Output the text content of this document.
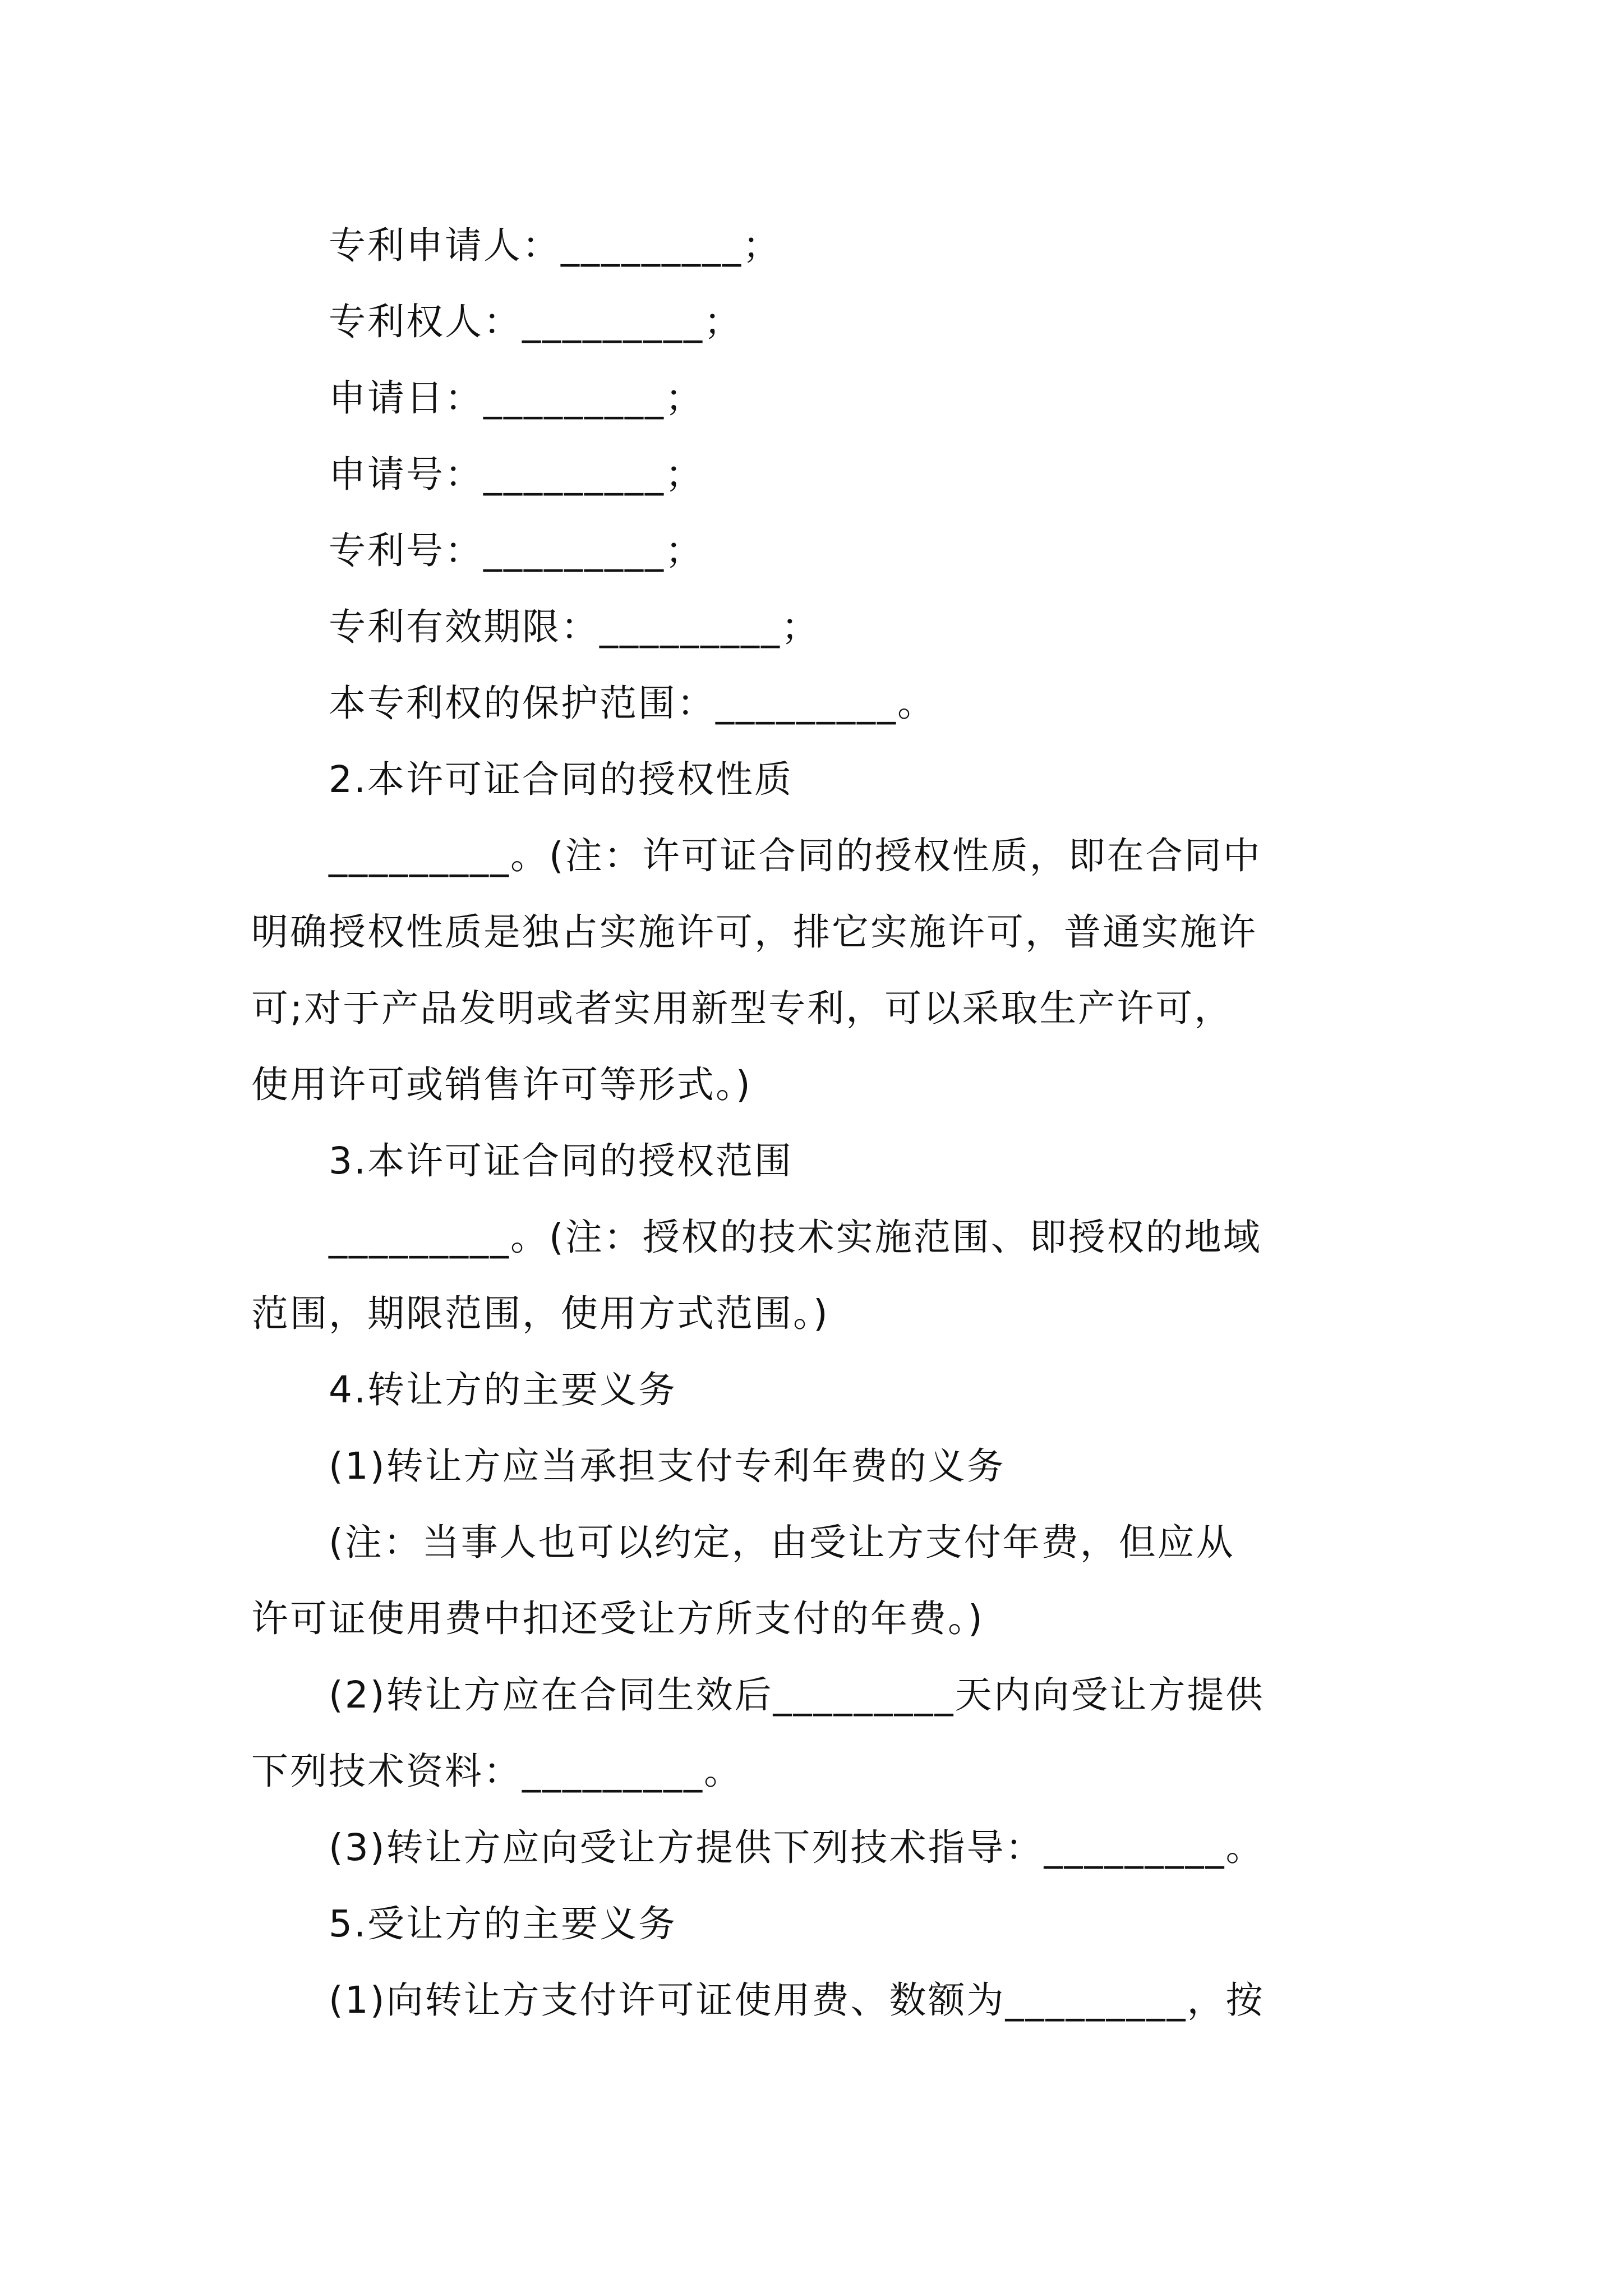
　　专利申请人：_________；
　　专利权人：_________；
　　申请日：_________；
　　申请号：_________；
　　专利号：_________；
　　专利有效期限：_________；
　　本专利权的保护范围：_________。
　　2.本许可证合同的授权性质
　　_________。(注：许可证合同的授权性质，即在合同中
明确授权性质是独占实施许可，排它实施许可，普通实施许
可;对于产品发明或者实用新型专利，可以采取生产许可，
使用许可或销售许可等形式。)
　　3.本许可证合同的授权范围
　　_________。(注：授权的技术实施范围、即授权的地域
范围，期限范围，使用方式范围。)
　　4.转让方的主要义务
　　(1)转让方应当承担支付专利年费的义务
　　(注：当事人也可以约定，由受让方支付年费，但应从
许可证使用费中扣还受让方所支付的年费。)
　　(2)转让方应在合同生效后_________天内向受让方提供
下列技术资料：_________。
　　(3)转让方应向受让方提供下列技术指导：_________。
　　5.受让方的主要义务
　　(1)向转让方支付许可证使用费、数额为_________，按
